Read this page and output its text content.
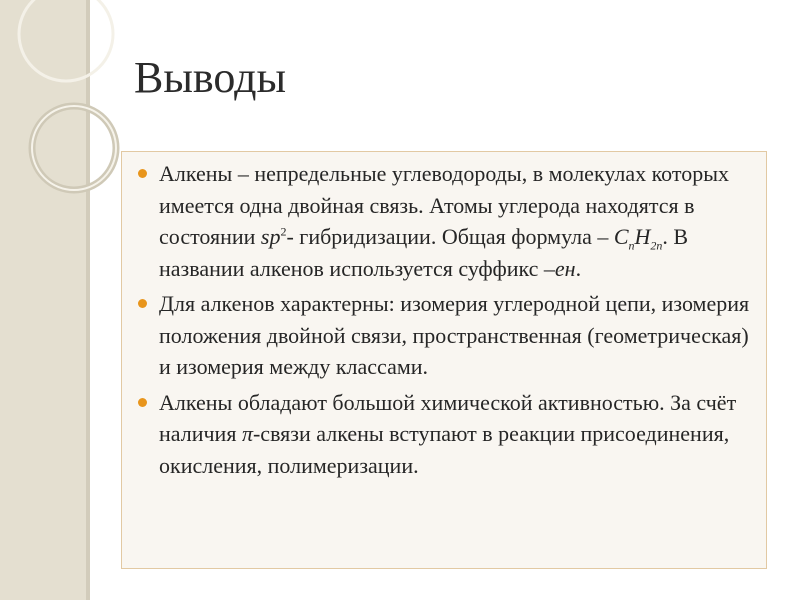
Выводы
Алкены – непредельные углеводороды, в молекулах которых имеется одна двойная связь. Атомы углерода находятся в состоянии $sp^2-$ гибридизации. Общая формула – $C_nH_{2n}$. В названии алкенов используется суффикс –ен.
Для алкенов характерны: изомерия углеродной цепи, изомерия положения двойной связи, пространственная (геометрическая) и изомерия между классами.
Алкены обладают большой химической активностью. За счёт наличия π-связи алкены вступают в реакции присоединения, окисления, полимеризации.
